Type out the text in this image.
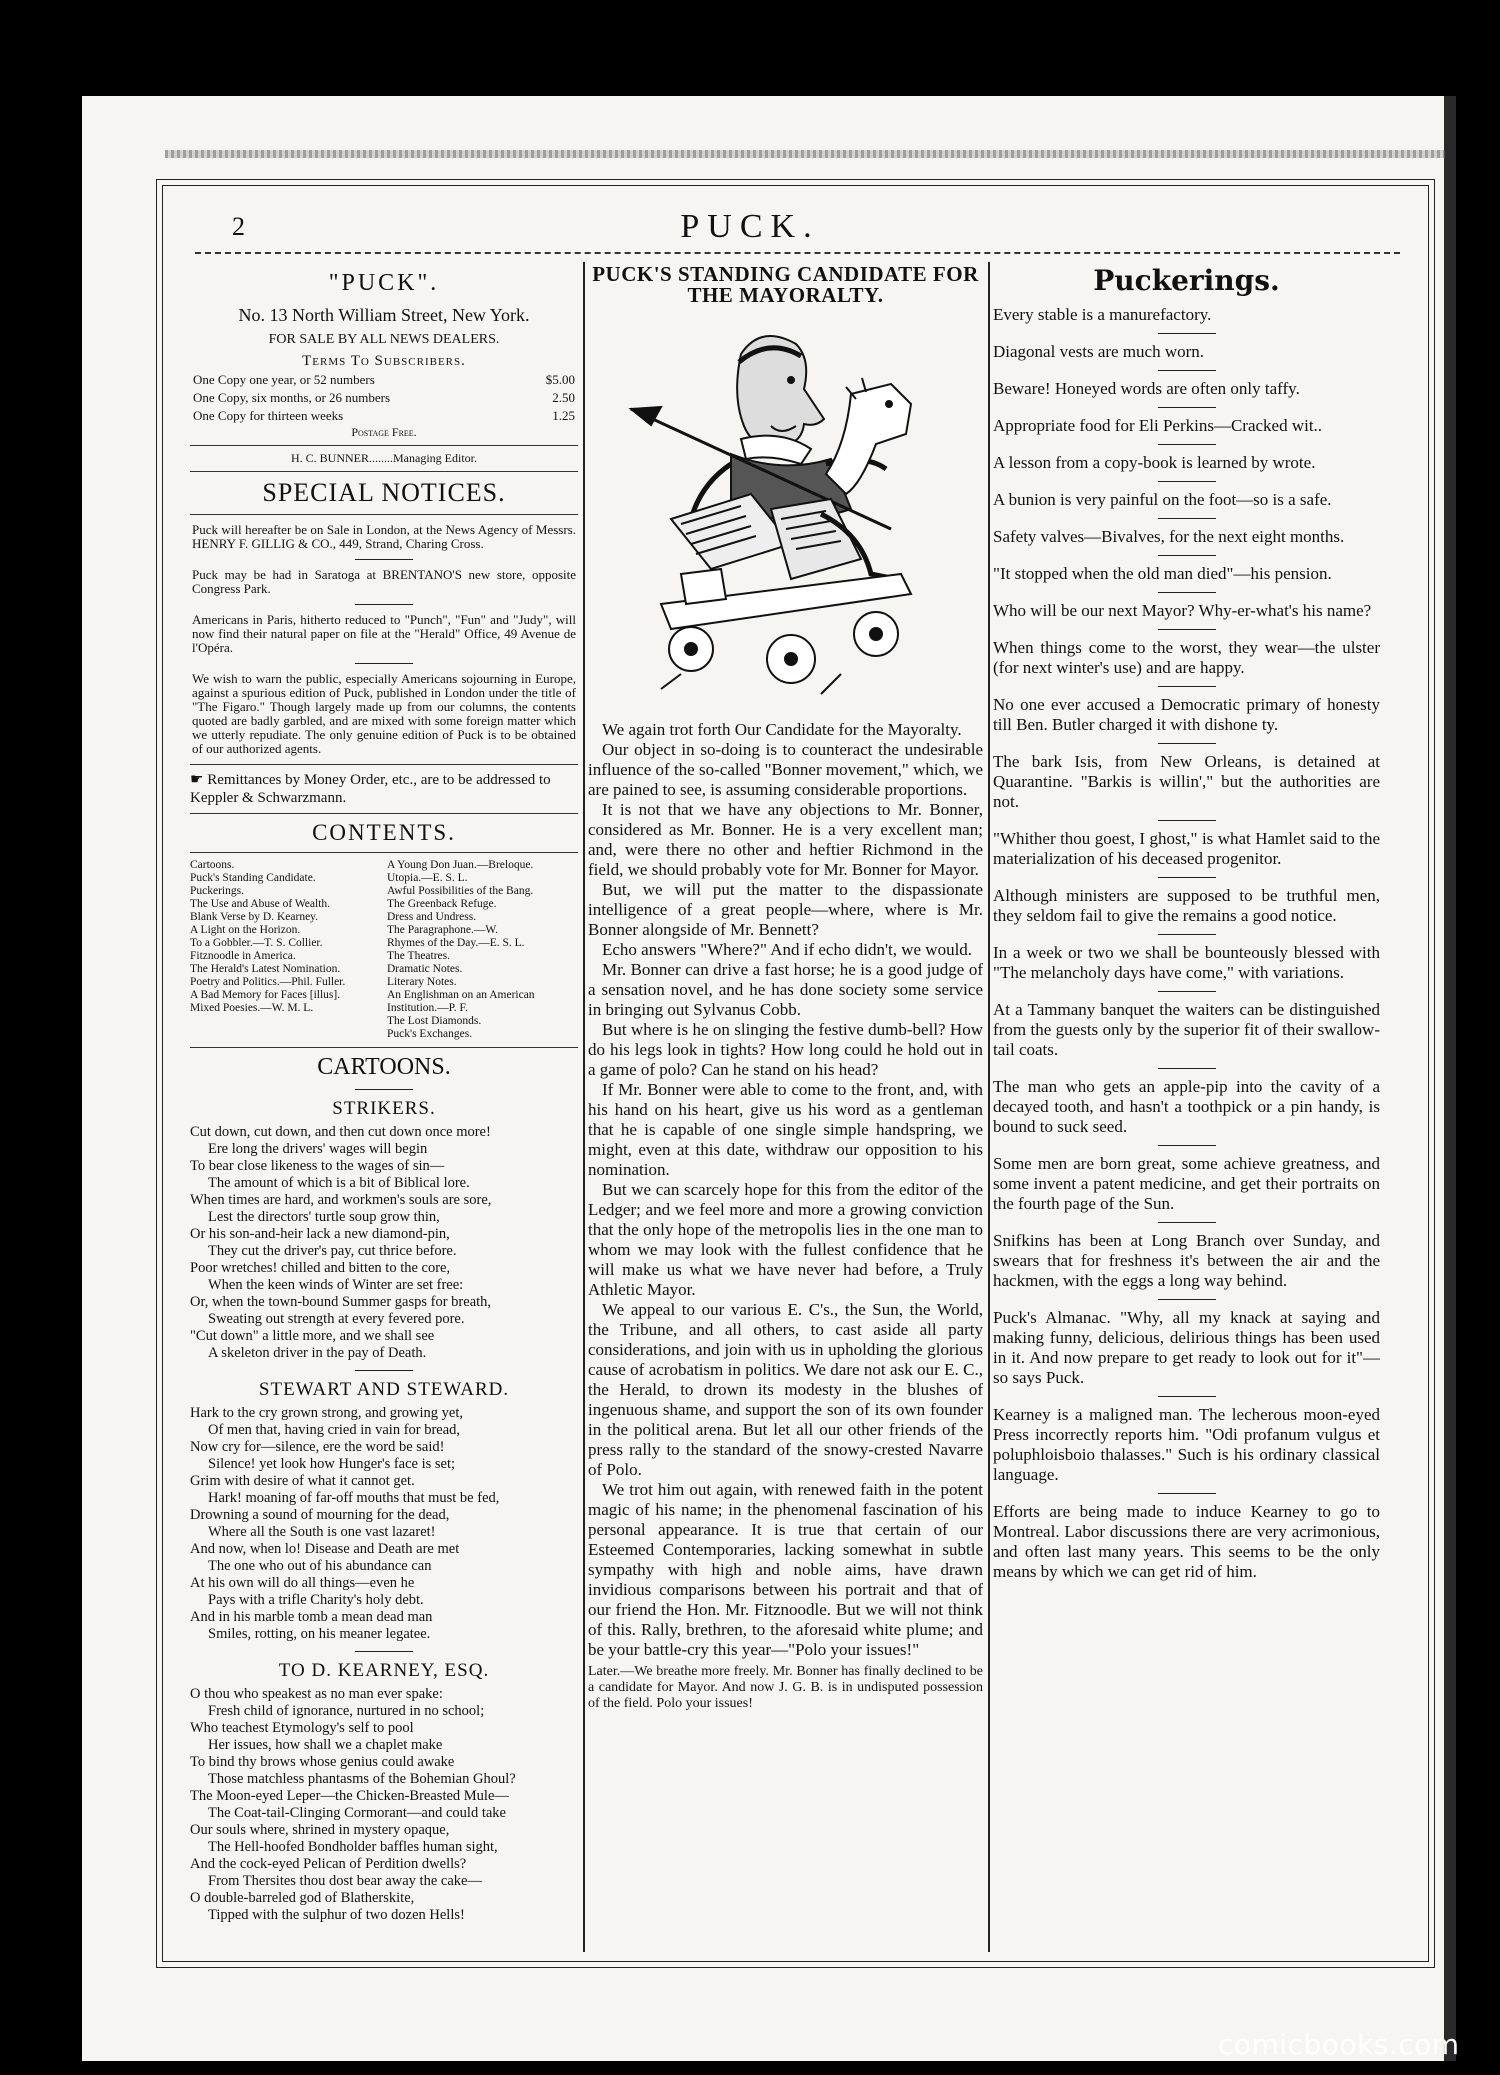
2	PUCK.
"PUCK".
No. 13 North William Street, New York.
FOR SALE BY ALL NEWS DEALERS.
Terms To Subscribers.
One Copy one year, or 52 numbers	$5.00
One Copy, six months, or 26 numbers	2.50
One Copy for thirteen weeks	1.25
Postage Free.
H. C. BUNNER........Managing Editor.
SPECIAL NOTICES.

Puck will hereafter be on Sale in London, at the News Agency of Messrs. HENRY F. GILLIG & CO., 449, Strand, Charing Cross.

Puck may be had in Saratoga at BRENTANO'S new store, opposite Congress Park.

Americans in Paris, hitherto reduced to "Punch", "Fun" and "Judy", will now find their natural paper on file at the "Herald" Office, 49 Avenue de l'Opéra.

We wish to warn the public, especially Americans sojourning in Europe, against a spurious edition of Puck, published in London under the title of "The Figaro." Though largely made up from our columns, the contents quoted are badly garbled, and are mixed with some foreign matter which we utterly repudiate. The only genuine edition of Puck is to be obtained of our authorized agents.

☛ Remittances by Money Order, etc., are to be addressed to Keppler & Schwarzmann.
CONTENTS.
Cartoons.
Puck's Standing Candidate.
Puckerings.
The Use and Abuse of Wealth.
Blank Verse by D. Kearney.
A Light on the Horizon.
To a Gobbler.—T. S. Collier.
Fitznoodle in America.
The Herald's Latest Nomination.
Poetry and Politics.—Phil. Fuller.
A Bad Memory for Faces [illus].
Mixed Poesies.—W. M. L.
A Young Don Juan.—Breloque.
Utopia.—E. S. L.
Awful Possibilities of the Bang.
The Greenback Refuge.
Dress and Undress.
The Paragraphone.—W.
Rhymes of the Day.—E. S. L.
The Theatres.
Dramatic Notes.
Literary Notes.
An Englishman on an American Institution.—P. F.
The Lost Diamonds.
Puck's Exchanges.
CARTOONS.
STRIKERS.
Cut down, cut down, and then cut down once more!
Ere long the drivers' wages will begin
To bear close likeness to the wages of sin—
The amount of which is a bit of Biblical lore.
When times are hard, and workmen's souls are sore,
Lest the directors' turtle soup grow thin,
Or his son-and-heir lack a new diamond-pin,
They cut the driver's pay, cut thrice before.
Poor wretches! chilled and bitten to the core,
When the keen winds of Winter are set free:
Or, when the town-bound Summer gasps for breath,
Sweating out strength at every fevered pore.
"Cut down" a little more, and we shall see
A skeleton driver in the pay of Death.
STEWART AND STEWARD.
Hark to the cry grown strong, and growing yet,
Of men that, having cried in vain for bread,
Now cry for—silence, ere the word be said!
Silence! yet look how Hunger's face is set;
Grim with desire of what it cannot get.
Hark! moaning of far-off mouths that must be fed,
Drowning a sound of mourning for the dead,
Where all the South is one vast lazaret!
And now, when lo! Disease and Death are met
The one who out of his abundance can
At his own will do all things—even he
Pays with a trifle Charity's holy debt.
And in his marble tomb a mean dead man
Smiles, rotting, on his meaner legatee.
TO D. KEARNEY, ESQ.
O thou who speakest as no man ever spake:
Fresh child of ignorance, nurtured in no school;
Who teachest Etymology's self to pool
Her issues, how shall we a chaplet make
To bind thy brows whose genius could awake
Those matchless phantasms of the Bohemian Ghoul?
The Moon-eyed Leper—the Chicken-Breasted Mule—
The Coat-tail-Clinging Cormorant—and could take
Our souls where, shrined in mystery opaque,
The Hell-hoofed Bondholder baffles human sight,
And the cock-eyed Pelican of Perdition dwells?
From Thersites thou dost bear away the cake—
O double-barreled god of Blatherskite,
Tipped with the sulphur of two dozen Hells!
PUCK'S STANDING CANDIDATE FOR THE MAYORALTY.

We again trot forth Our Candidate for the Mayoralty.

Our object in so-doing is to counteract the undesirable influence of the so-called "Bonner movement," which, we are pained to see, is assuming considerable proportions.

It is not that we have any objections to Mr. Bonner, considered as Mr. Bonner. He is a very excellent man; and, were there no other and heftier Richmond in the field, we should probably vote for Mr. Bonner for Mayor.

But, we will put the matter to the dispassionate intelligence of a great people—where, where is Mr. Bonner alongside of Mr. Bennett?

Echo answers "Where?" And if echo didn't, we would.

Mr. Bonner can drive a fast horse; he is a good judge of a sensation novel, and he has done society some service in bringing out Sylvanus Cobb.

But where is he on slinging the festive dumb-bell? How do his legs look in tights? How long could he hold out in a game of polo? Can he stand on his head?

If Mr. Bonner were able to come to the front, and, with his hand on his heart, give us his word as a gentleman that he is capable of one single simple handspring, we might, even at this date, withdraw our opposition to his nomination.

But we can scarcely hope for this from the editor of the Ledger; and we feel more and more a growing conviction that the only hope of the metropolis lies in the one man to whom we may look with the fullest confidence that he will make us what we have never had before, a Truly Athletic Mayor.

We appeal to our various E. C's., the Sun, the World, the Tribune, and all others, to cast aside all party considerations, and join with us in upholding the glorious cause of acrobatism in politics. We dare not ask our E. C., the Herald, to drown its modesty in the blushes of ingenuous shame, and support the son of its own founder in the political arena. But let all our other friends of the press rally to the standard of the snowy-crested Navarre of Polo.

We trot him out again, with renewed faith in the potent magic of his name; in the phenomenal fascination of his personal appearance. It is true that certain of our Esteemed Contemporaries, lacking somewhat in subtle sympathy with high and noble aims, have drawn invidious comparisons between his portrait and that of our friend the Hon. Mr. Fitznoodle. But we will not think of this. Rally, brethren, to the aforesaid white plume; and be your battle-cry this year—"Polo your issues!"

Later.—We breathe more freely. Mr. Bonner has finally declined to be a candidate for Mayor. And now J. G. B. is in undisputed possession of the field. Polo your issues!
Puckerings.

Every stable is a manurefactory.

Diagonal vests are much worn.

Beware! Honeyed words are often only taffy.

Appropriate food for Eli Perkins—Cracked wit..

A lesson from a copy-book is learned by wrote.

A bunion is very painful on the foot—so is a safe.

Safety valves—Bivalves, for the next eight months.

"It stopped when the old man died"—his pension.

Who will be our next Mayor? Why-er-what's his name?

When things come to the worst, they wear—the ulster (for next winter's use) and are happy.

No one ever accused a Democratic primary of honesty till Ben. Butler charged it with dishone ty.

The bark Isis, from New Orleans, is detained at Quarantine. "Barkis is willin'," but the authorities are not.

"Whither thou goest, I ghost," is what Hamlet said to the materialization of his deceased progenitor.

Although ministers are supposed to be truthful men, they seldom fail to give the remains a good notice.

In a week or two we shall be bounteously blessed with "The melancholy days have come," with variations.

At a Tammany banquet the waiters can be distinguished from the guests only by the superior fit of their swallow-tail coats.

The man who gets an apple-pip into the cavity of a decayed tooth, and hasn't a toothpick or a pin handy, is bound to suck seed.

Some men are born great, some achieve greatness, and some invent a patent medicine, and get their portraits on the fourth page of the Sun.

Snifkins has been at Long Branch over Sunday, and swears that for freshness it's between the air and the hackmen, with the eggs a long way behind.

Puck's Almanac. "Why, all my knack at saying and making funny, delicious, delirious things has been used in it. And now prepare to get ready to look out for it"—so says Puck.

Kearney is a maligned man. The lecherous moon-eyed Press incorrectly reports him. "Odi profanum vulgus et poluphloisboio thalasses." Such is his ordinary classical language.

Efforts are being made to induce Kearney to go to Montreal. Labor discussions there are very acrimonious, and often last many years. This seems to be the only means by which we can get rid of him.

comicbooks.com
